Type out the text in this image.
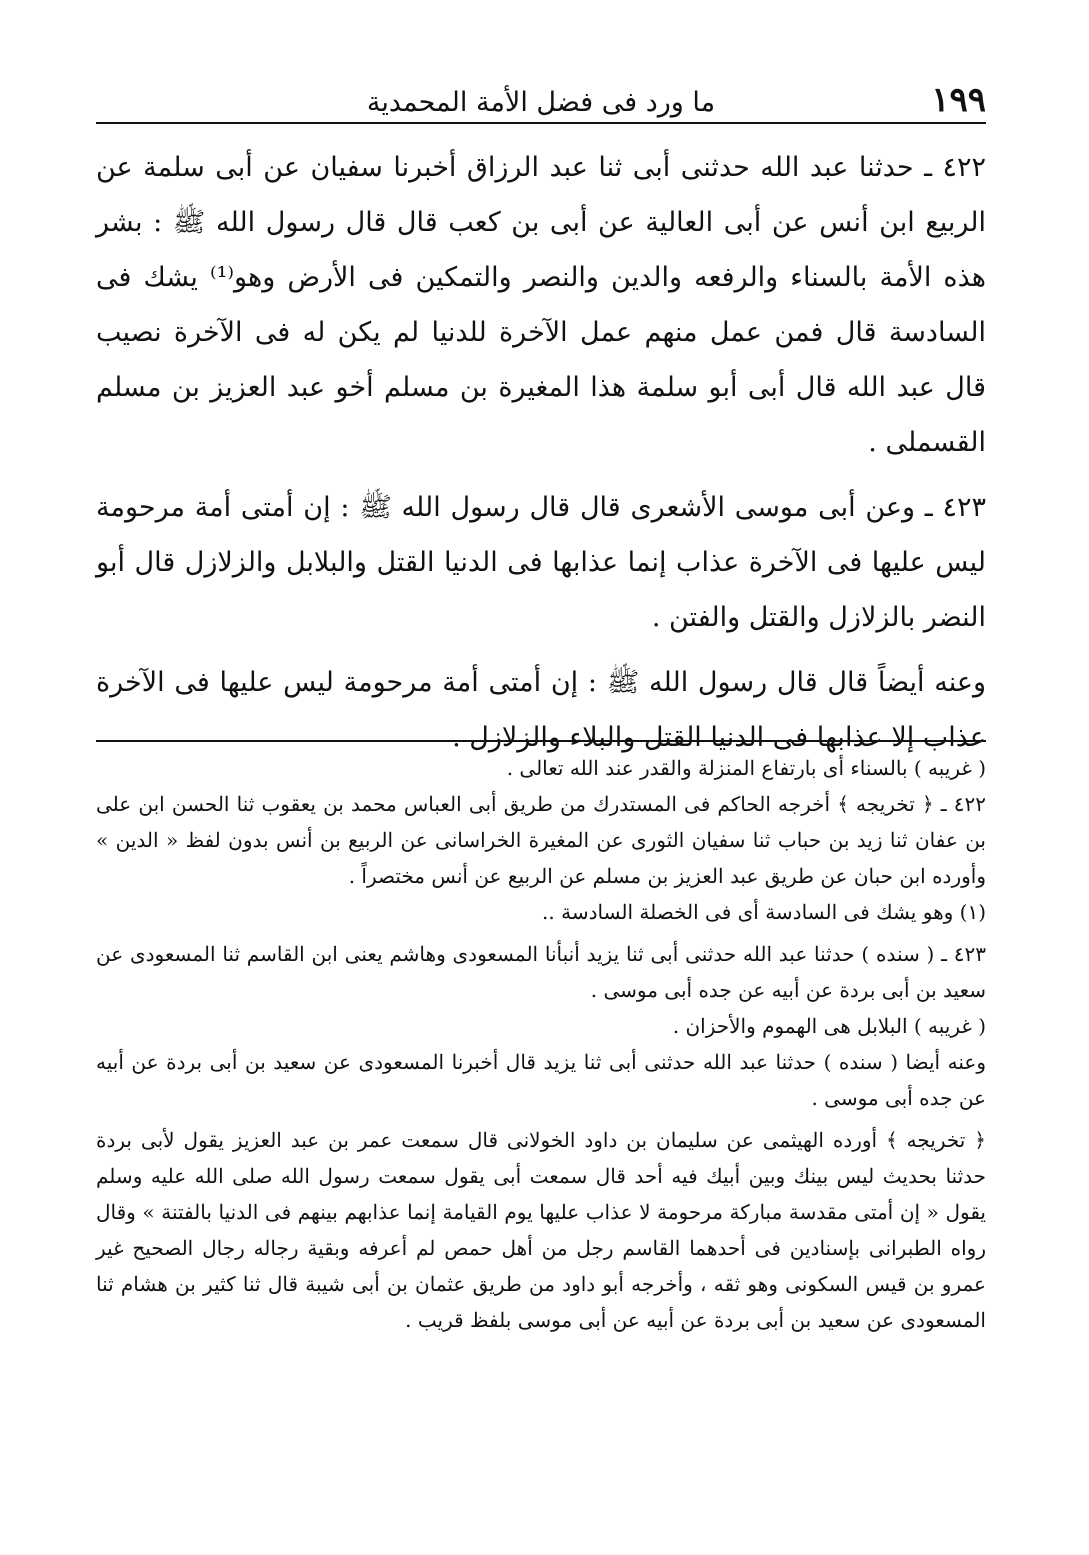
١٩٩
ما ورد فى فضل الأمة المحمدية

٤٢٢ ـ حدثنا عبد الله حدثنى أبى ثنا عبد الرزاق أخبرنا سفيان عن أبى سلمة عن الربيع ابن أنس عن أبى العالية عن أبى بن كعب قال قال رسول الله ﷺ : بشر هذه الأمة بالسناء والرفعه والدين والنصر والتمكين فى الأرض وهو⁽¹⁾ يشك فى السادسة قال فمن عمل منهم عمل الآخرة للدنيا لم يكن له فى الآخرة نصيب قال عبد الله قال أبى أبو سلمة هذا المغيرة بن مسلم أخو عبد العزيز بن مسلم القسملى .

٤٢٣ ـ وعن أبى موسى الأشعرى قال قال رسول الله ﷺ : إن أمتى أمة مرحومة ليس عليها فى الآخرة عذاب إنما عذابها فى الدنيا القتل والبلابل والزلازل قال أبو النضر بالزلازل والقتل والفتن .

وعنه أيضاً قال قال رسول الله ﷺ : إن أمتى أمة مرحومة ليس عليها فى الآخرة عذاب إلا عذابها فى الدنيا القتل والبلاء والزلازل .

( غريبه ) بالسناء أى بارتفاع المنزلة والقدر عند الله تعالى .

٤٢٢ ـ ﴿ تخريجه ﴾ أخرجه الحاكم فى المستدرك من طريق أبى العباس محمد بن يعقوب ثنا الحسن ابن على بن عفان ثنا زيد بن حباب ثنا سفيان الثورى عن المغيرة الخراسانى عن الربيع بن أنس بدون لفظ « الدين » وأورده ابن حبان عن طريق عبد العزيز بن مسلم عن الربيع عن أنس مختصراً .

(١) وهو يشك فى السادسة أى فى الخصلة السادسة ..

٤٢٣ ـ ( سنده ) حدثنا عبد الله حدثنى أبى ثنا يزيد أنبأنا المسعودى وهاشم يعنى ابن القاسم ثنا المسعودى عن سعيد بن أبى بردة عن أبيه عن جده أبى موسى .

( غريبه ) البلابل هى الهموم والأحزان .

وعنه أيضا ( سنده ) حدثنا عبد الله حدثنى أبى ثنا يزيد قال أخبرنا المسعودى عن سعيد بن أبى بردة عن أبيه عن جده أبى موسى .

﴿ تخريجه ﴾ أورده الهيثمى عن سليمان بن داود الخولانى قال سمعت عمر بن عبد العزيز يقول لأبى بردة حدثنا بحديث ليس بينك وبين أبيك فيه أحد قال سمعت أبى يقول سمعت رسول الله صلى الله عليه وسلم يقول « إن أمتى مقدسة مباركة مرحومة لا عذاب عليها يوم القيامة إنما عذابهم بينهم فى الدنيا بالفتنة » وقال رواه الطبرانى بإسنادين فى أحدهما القاسم رجل من أهل حمص لم أعرفه وبقية رجاله رجال الصحيح غير عمرو بن قيس السكونى وهو ثقه ، وأخرجه أبو داود من طريق عثمان بن أبى شيبة قال ثنا كثير بن هشام ثنا المسعودى عن سعيد بن أبى بردة عن أبيه عن أبى موسى بلفظ قريب .
